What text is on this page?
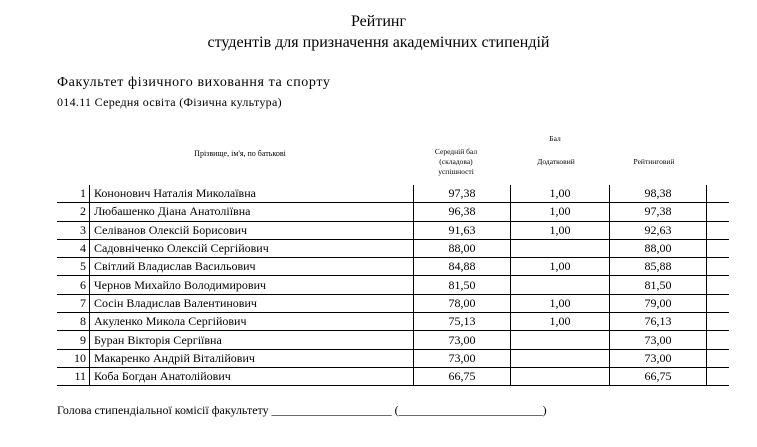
Рейтинг
студентів для призначення академічних стипендій
Факультет фізичного виховання та спорту
014.11 Середня освіта (Фізична культура)
Прізвище, ім'я, по батькові
Бал
Середній бал
(складова)
успішності
Додатковий	Рейтинговий
1	Кононович Наталія Миколаївна	97,38	1,00	98,38	
2	Любашенко Діана Анатоліївна	96,38	1,00	97,38	
3	Селіванов Олексій Борисович	91,63	1,00	92,63	
4	Садовніченко Олексій Сергійович	88,00		88,00	
5	Світлий Владислав Васильович	84,88	1,00	85,88	
6	Чернов Михайло Володимирович	81,50		81,50	
7	Сосін Владислав Валентинович	78,00	1,00	79,00	
8	Акуленко Микола Сергійович	75,13	1,00	76,13	
9	Буран Вікторія Сергіївна	73,00		73,00	
10	Макаренко Андрій Віталійович	73,00		73,00	
11	Коба Богдан Анатолійович	66,75		66,75	
Голова стипендіальної комісії факультету ____________________ (________________________)
